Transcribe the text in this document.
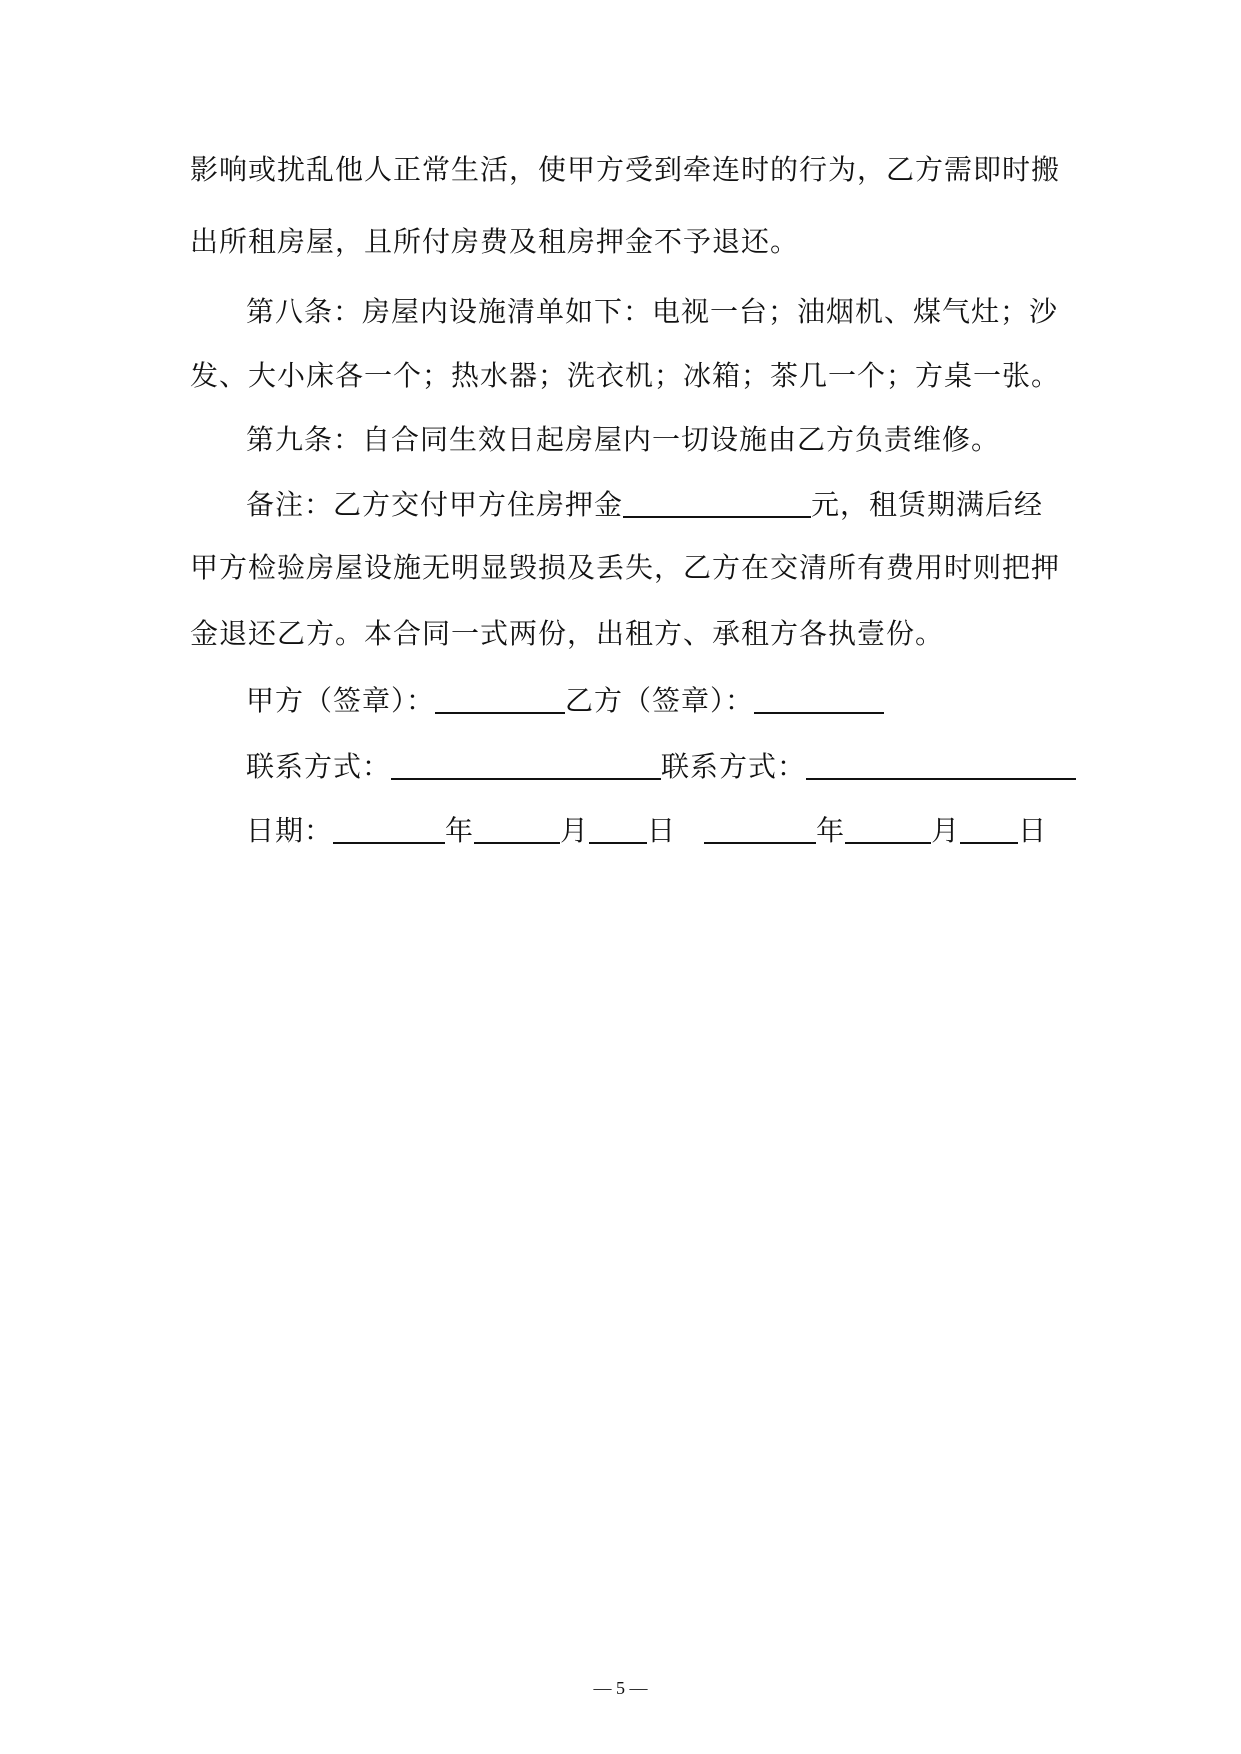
影响或扰乱他人正常生活，使甲方受到牵连时的行为，乙方需即时搬
出所租房屋，且所付房费及租房押金不予退还。
第八条：房屋内设施清单如下：电视一台；油烟机、煤气灶；沙
发、大小床各一个；热水器；洗衣机；冰箱；茶几一个；方桌一张。
第九条：自合同生效日起房屋内一切设施由乙方负责维修。
备注：乙方交付甲方住房押金	元，租赁期满后经
甲方检验房屋设施无明显毁损及丢失，乙方在交清所有费用时则把押
金退还乙方。本合同一式两份，出租方、承租方各执壹份。
甲方（签章）：	乙方（签章）：
联系方式：	联系方式：
日期：	年	月 日	年	月 日
— 5 —
